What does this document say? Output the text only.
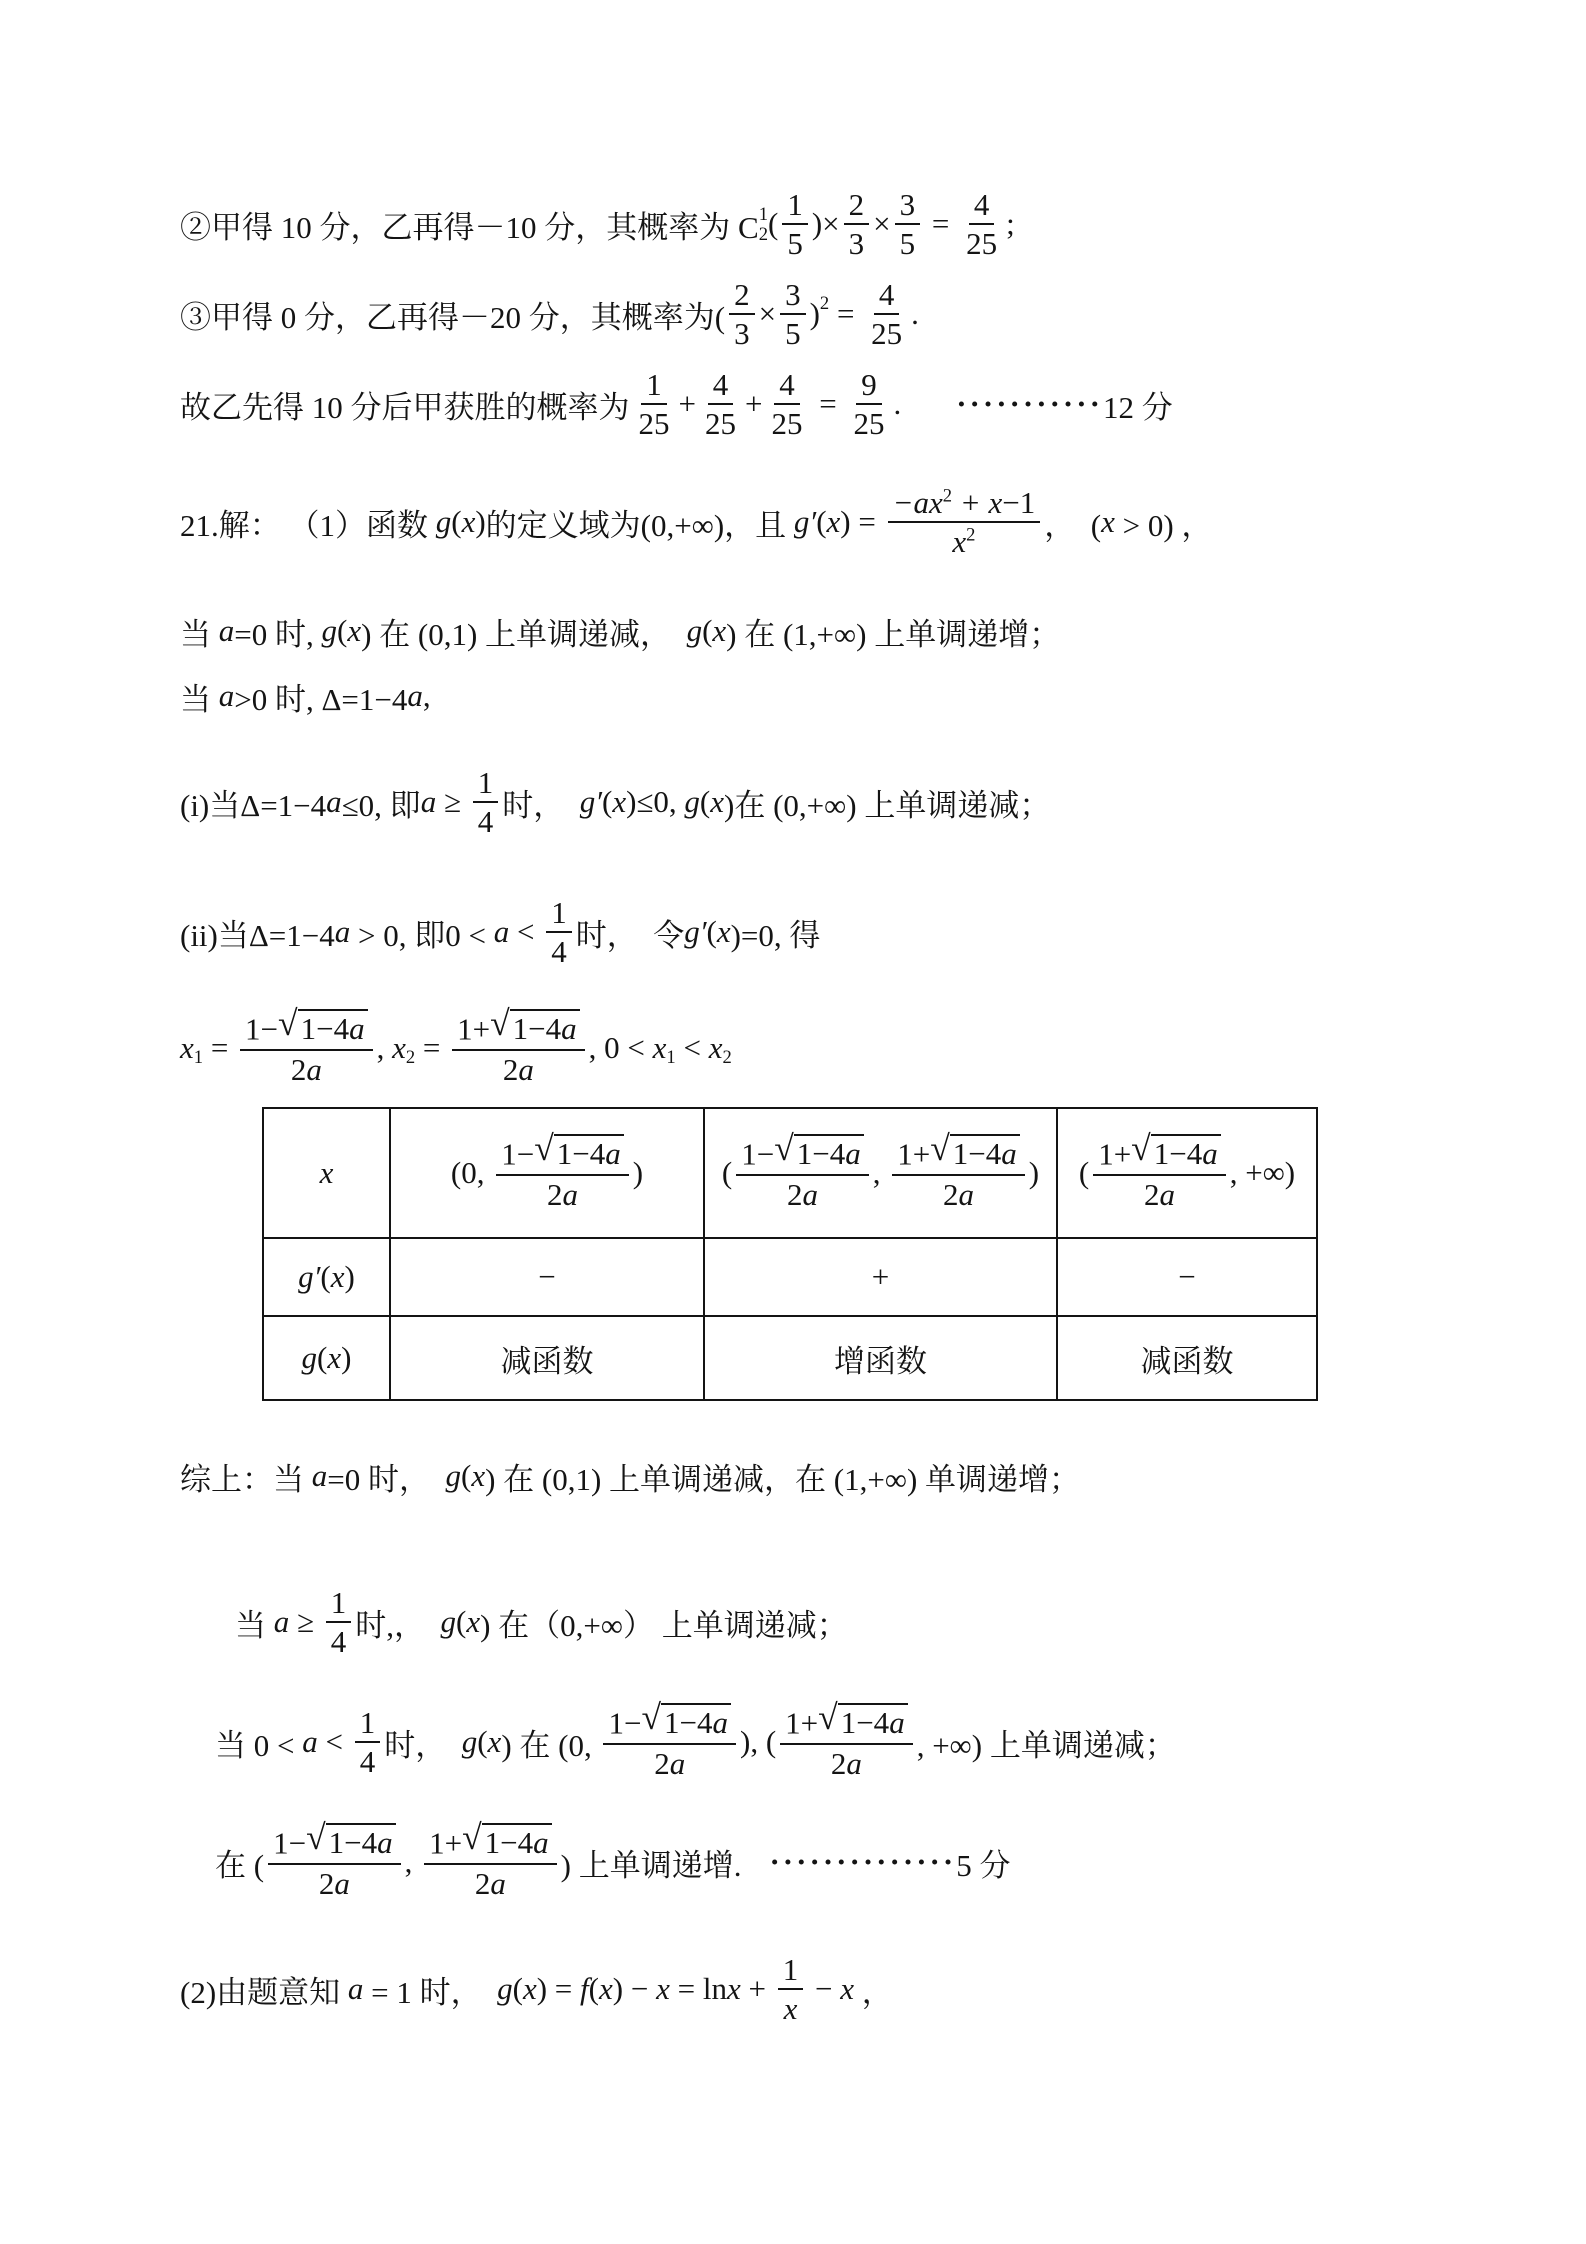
②甲得 10 分，乙再得－10 分，其概率为 C 1
2 ( $\frac{1}{5}$ )× $\frac{2}{3} \times \frac{3}{5} = \frac{4}{25}$ ;
③甲得 0 分，乙再得－20 分，其概率为( $\frac{2}{3} \times \frac{3}{5}$ ) $^2 = \frac{4}{25}$ .
故乙先得 10 分后甲获胜的概率为 $\frac{1}{25} + \frac{4}{25} + \frac{4}{25} = \frac{9}{25}$ . ··········· 12 分
21.解： （1）函数 g ( x ) 的定义域为(0,+∞)，且 g′ ( x ) = $\frac{-ax^2 + x-1}{x^2}$ ，  ( x > 0) ，
当 a =0 时, g ( x ) 在 (0,1) 上单调递减， g ( x ) 在 (1,+∞) 上单调递增；
当 a >0 时, Δ=1−4 a ,
(i)当Δ=1−4 a ≤0, 即 $a \ge \frac{1}{4}$ 时， g′ ( x )≤0, g ( x )在 (0,+∞) 上单调递减；
(ii)当Δ=1−4 a > 0, 即$0 < a < \frac{1}{4}$ 时，  令 g′ ( x )=0, 得
x $_1 = \frac{1- √ 1-4a}{2a}$ , x $_2 = \frac{1+ √ 1-4a}{2a}$ , 0 < x $_1$ < x $_2$
x	(0, $\frac{1- √ 1-4a}{2a}$ )	( $\frac{1- √ 1-4a}{2a}$ , $\frac{1+ √ 1-4a}{2a}$ )	( $\frac{1+ √ 1-4a}{2a}$ , +∞)

g′ ( x )	−	+	−

g ( x )	减函数	增函数	减函数
综上：当 a =0 时， g ( x ) 在 (0,1) 上单调递减，在 (1,+∞) 单调递增；
当 $a \ge \frac{1}{4}$ 时,， g ( x ) 在（0,+∞） 上单调递减；
当 $0 < a < \frac{1}{4}$ 时， g ( x ) 在 (0, $\frac{1- √ 1-4a}{2a}$ ), ( $\frac{1+ √ 1-4a}{2a}$ , +∞) 上单调递减；
在 ( $\frac{1- √ 1-4a}{2a}$ , $\frac{1+ √ 1-4a}{2a}$ ) 上单调递增. ·············· 5 分
(2)由题意知 a = 1 时， g ( x ) = f ( x ) − $x = \ln x + \frac{1}{x} - x$ ，
